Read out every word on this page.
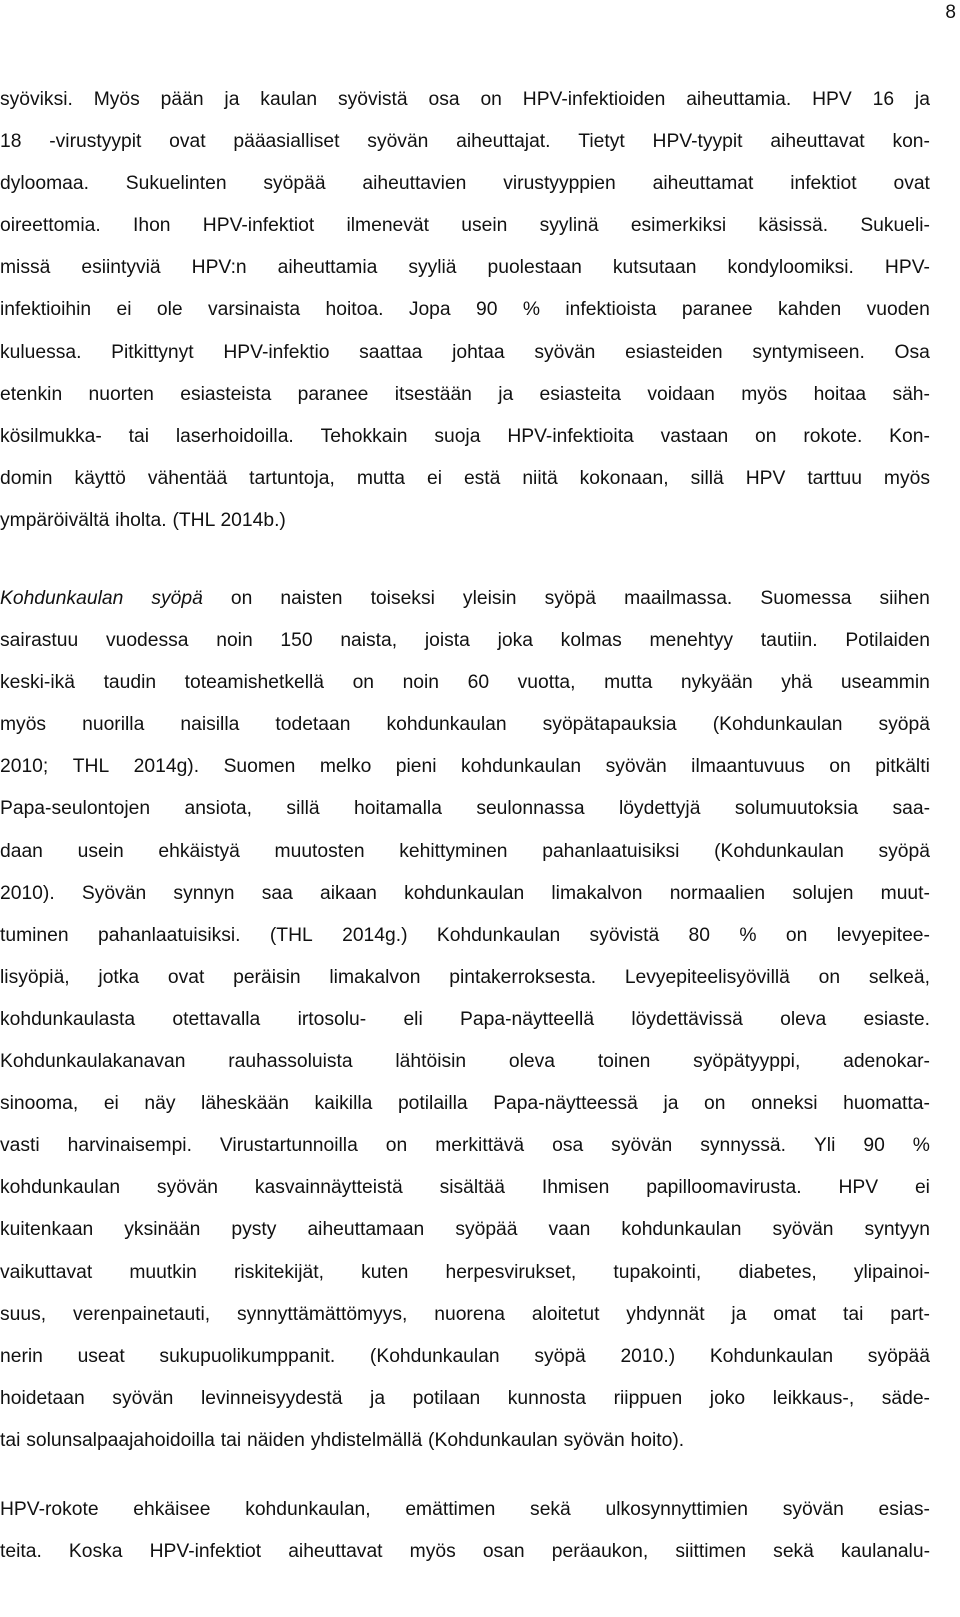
8
syöviksi. Myös pään ja kaulan syövistä osa on HPV-infektioiden aiheuttamia. HPV 16 ja
18 -virustyypit ovat pääasialliset syövän aiheuttajat. Tietyt HPV-tyypit aiheuttavat kon-
dyloomaa. Sukuelinten syöpää aiheuttavien virustyyppien aiheuttamat infektiot ovat
oireettomia. Ihon HPV-infektiot ilmenevät usein syylinä esimerkiksi käsissä. Sukueli-
missä esiintyviä HPV:n aiheuttamia syyliä puolestaan kutsutaan kondyloomiksi. HPV-
infektioihin ei ole varsinaista hoitoa. Jopa 90 % infektioista paranee kahden vuoden
kuluessa. Pitkittynyt HPV-infektio saattaa johtaa syövän esiasteiden syntymiseen. Osa
etenkin nuorten esiasteista paranee itsestään ja esiasteita voidaan myös hoitaa säh-
kösilmukka- tai laserhoidoilla. Tehokkain suoja HPV-infektioita vastaan on rokote. Kon-
domin käyttö vähentää tartuntoja, mutta ei estä niitä kokonaan, sillä HPV tarttuu myös
ympäröivältä iholta. (THL 2014b.)
Kohdunkaulan syöpä on naisten toiseksi yleisin syöpä maailmassa. Suomessa siihen
sairastuu vuodessa noin 150 naista, joista joka kolmas menehtyy tautiin. Potilaiden
keski-ikä taudin toteamishetkellä on noin 60 vuotta, mutta nykyään yhä useammin
myös nuorilla naisilla todetaan kohdunkaulan syöpätapauksia (Kohdunkaulan syöpä
2010; THL 2014g). Suomen melko pieni kohdunkaulan syövän ilmaantuvuus on pitkälti
Papa-seulontojen ansiota, sillä hoitamalla seulonnassa löydettyjä solumuutoksia saa-
daan usein ehkäistyä muutosten kehittyminen pahanlaatuisiksi (Kohdunkaulan syöpä
2010). Syövän synnyn saa aikaan kohdunkaulan limakalvon normaalien solujen muut-
tuminen pahanlaatuisiksi. (THL 2014g.) Kohdunkaulan syövistä 80 % on levyepitee-
lisyöpiä, jotka ovat peräisin limakalvon pintakerroksesta. Levyepiteelisyövillä on selkeä,
kohdunkaulasta otettavalla irtosolu- eli Papa-näytteellä löydettävissä oleva esiaste.
Kohdunkaulakanavan rauhassoluista lähtöisin oleva toinen syöpätyyppi, adenokar-
sinooma, ei näy läheskään kaikilla potilailla Papa-näytteessä ja on onneksi huomatta-
vasti harvinaisempi. Virustartunnoilla on merkittävä osa syövän synnyssä. Yli 90 %
kohdunkaulan syövän kasvainnäytteistä sisältää Ihmisen papilloomavirusta. HPV ei
kuitenkaan yksinään pysty aiheuttamaan syöpää vaan kohdunkaulan syövän syntyyn
vaikuttavat muutkin riskitekijät, kuten herpesvirukset, tupakointi, diabetes, ylipainoi-
suus, verenpainetauti, synnyttämättömyys, nuorena aloitetut yhdynnät ja omat tai part-
nerin useat sukupuolikumppanit. (Kohdunkaulan syöpä 2010.) Kohdunkaulan syöpää
hoidetaan syövän levinneisyydestä ja potilaan kunnosta riippuen joko leikkaus-, säde-
tai solunsalpaajahoidoilla tai näiden yhdistelmällä (Kohdunkaulan syövän hoito).
HPV-rokote ehkäisee kohdunkaulan, emättimen sekä ulkosynnyttimien syövän esias-
teita. Koska HPV-infektiot aiheuttavat myös osan peräaukon, siittimen sekä kaulanalu-
